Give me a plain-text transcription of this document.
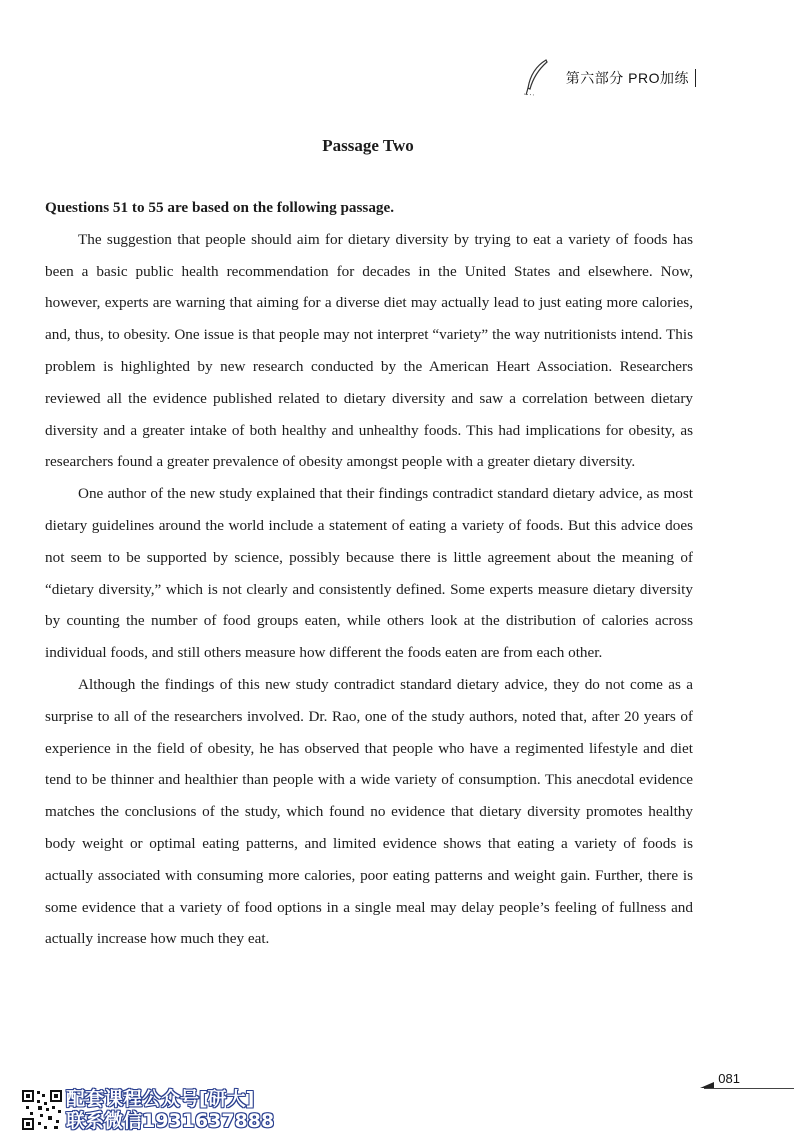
第六部分 PRO加练
Passage Two

Questions 51 to 55 are based on the following passage.

The suggestion that people should aim for dietary diversity by trying to eat a variety of foods has been a basic public health recommendation for decades in the United States and elsewhere. Now, however, experts are warning that aiming for a diverse diet may actually lead to just eating more calories, and, thus, to obesity. One issue is that people may not interpret “variety” the way nutritionists intend. This problem is highlighted by new research conducted by the American Heart Association. Researchers reviewed all the evidence published related to dietary diversity and saw a correlation between dietary diversity and a greater intake of both healthy and unhealthy foods. This had implications for obesity, as researchers found a greater prevalence of obesity amongst people with a greater dietary diversity.

One author of the new study explained that their findings contradict standard dietary advice, as most dietary guidelines around the world include a statement of eating a variety of foods. But this advice does not seem to be supported by science, possibly because there is little agreement about the meaning of “dietary diversity,” which is not clearly and consistently defined. Some experts measure dietary diversity by counting the number of food groups eaten, while others look at the distribution of calories across individual foods, and still others measure how different the foods eaten are from each other.

Although the findings of this new study contradict standard dietary advice, they do not come as a surprise to all of the researchers involved. Dr. Rao, one of the study authors, noted that, after 20 years of experience in the field of obesity, he has observed that people who have a regimented lifestyle and diet tend to be thinner and healthier than people with a wide variety of consumption. This anecdotal evidence matches the conclusions of the study, which found no evidence that dietary diversity promotes healthy body weight or optimal eating patterns, and limited evidence shows that eating a variety of foods is actually associated with consuming more calories, poor eating patterns and weight gain. Further, there is some evidence that a variety of food options in a single meal may delay people’s feeling of fullness and actually increase how much they eat.

081
配套课程公众号[研大]
联系微信1931637888
